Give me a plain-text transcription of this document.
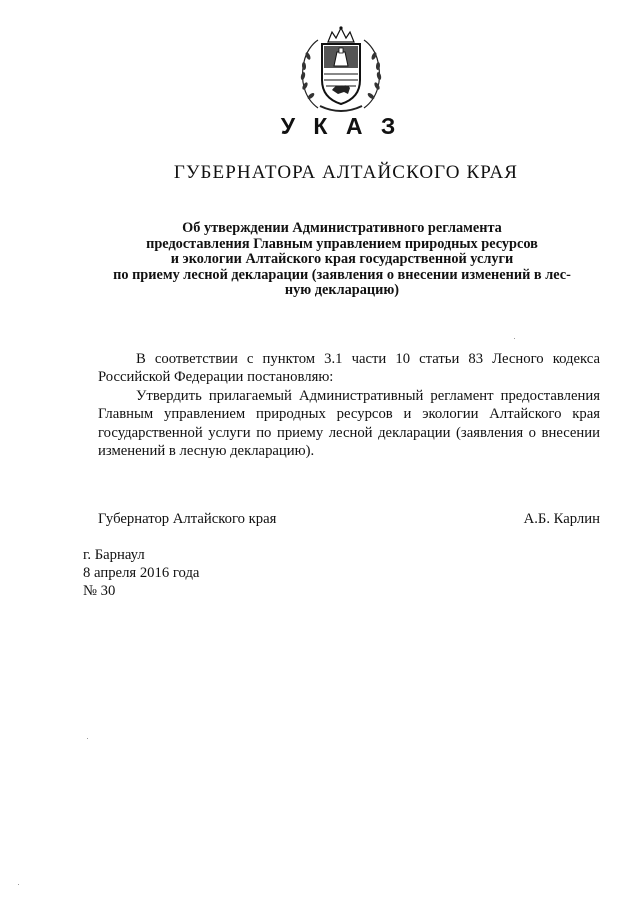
У К А З
ГУБЕРНАТОРА АЛТАЙСКОГО КРАЯ
Об утверждении Административного регламента
предоставления Главным управлением природных ресурсов
и экологии Алтайского края государственной услуги
по приему лесной декларации (заявления о внесении изменений в лес-
ную декларацию)
В соответствии с пунктом 3.1 части 10 статьи 83 Лесного кодекса Российской Федерации постановляю:
Утвердить прилагаемый Административный регламент предоставления Главным управлением природных ресурсов и экологии Алтайского края государственной услуги по приему лесной декларации (заявления о внесении изменений в лесную декларацию).
Губернатор Алтайского края	А.Б. Карлин
г. Барнаул
8 апреля 2016 года
№ 30
